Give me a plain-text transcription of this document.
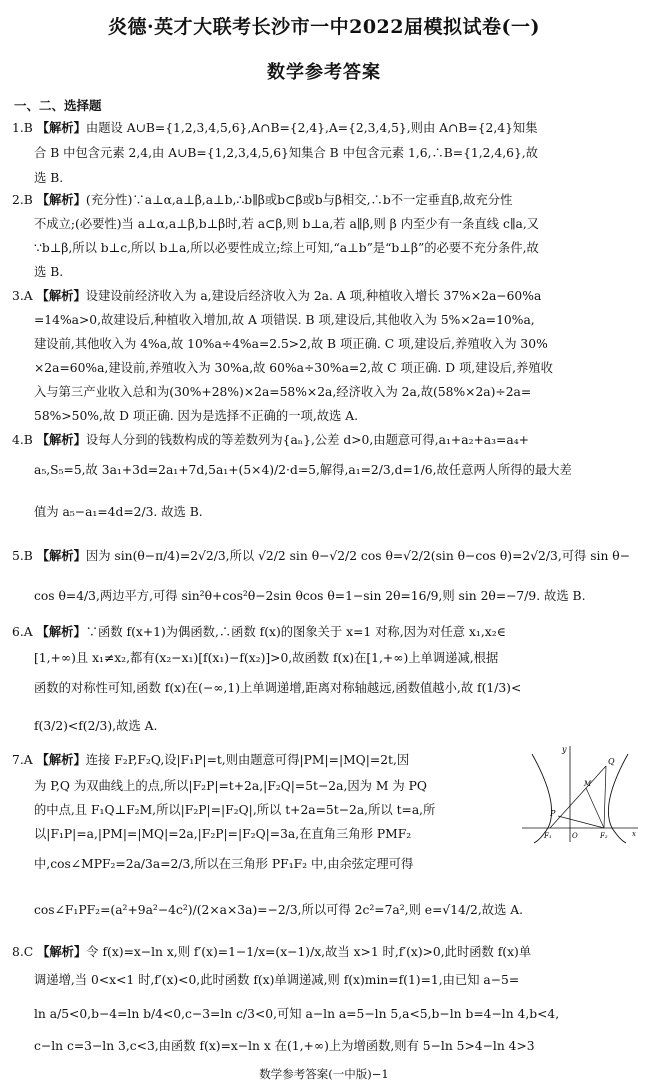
炎德·英才大联考长沙市一中2022届模拟试卷(一)
数学参考答案
一、二、选择题
1.B 【解析】由题设 A∪B={1,2,3,4,5,6},A∩B={2,4},A={2,3,4,5},则由 A∩B={2,4}知集
合 B 中包含元素 2,4,由 A∪B={1,2,3,4,5,6}知集合 B 中包含元素 1,6,∴B={1,2,4,6},故
选 B.
2.B 【解析】(充分性)∵a⊥α,a⊥β,a⊥b,∴b∥β或b⊂β或b与β相交,∴b不一定垂直β,故充分性
不成立;(必要性)当 a⊥α,a⊥β,b⊥β时,若 a⊂β,则 b⊥a,若 a∥β,则 β 内至少有一条直线 c∥a,又
∵b⊥β,所以 b⊥c,所以 b⊥a,所以必要性成立;综上可知,“a⊥b”是“b⊥β”的必要不充分条件,故
选 B.
3.A 【解析】设建设前经济收入为 a,建设后经济收入为 2a. A 项,种植收入增长 37%×2a−60%a
=14%a>0,故建设后,种植收入增加,故 A 项错误. B 项,建设后,其他收入为 5%×2a=10%a,
建设前,其他收入为 4%a,故 10%a÷4%a=2.5>2,故 B 项正确. C 项,建设后,养殖收入为 30%
×2a=60%a,建设前,养殖收入为 30%a,故 60%a÷30%a=2,故 C 项正确. D 项,建设后,养殖收
入与第三产业收入总和为(30%+28%)×2a=58%×2a,经济收入为 2a,故(58%×2a)÷2a=
58%>50%,故 D 项正确. 因为是选择不正确的一项,故选 A.
4.B 【解析】设每人分到的钱数构成的等差数列为{aₙ},公差 d>0,由题意可得,a₁+a₂+a₃=a₄+
a₅,S₅=5,故 3a₁+3d=2a₁+7d,5a₁+(5×4)/2·d=5,解得,a₁=2/3,d=1/6,故任意两人所得的最大差
值为 a₅−a₁=4d=2/3. 故选 B.
5.B 【解析】因为 sin(θ−π/4)=2√2/3,所以 √2/2 sin θ−√2/2 cos θ=√2/2(sin θ−cos θ)=2√2/3,可得 sin θ−
cos θ=4/3,两边平方,可得 sin²θ+cos²θ−2sin θcos θ=1−sin 2θ=16/9,则 sin 2θ=−7/9. 故选 B.
6.A 【解析】∵函数 f(x+1)为偶函数,∴函数 f(x)的图象关于 x=1 对称,因为对任意 x₁,x₂∈
[1,+∞)且 x₁≠x₂,都有(x₂−x₁)[f(x₁)−f(x₂)]>0,故函数 f(x)在[1,+∞)上单调递减,根据
函数的对称性可知,函数 f(x)在(−∞,1)上单调递增,距离对称轴越远,函数值越小,故 f(1/3)<
f(3/2)<f(2/3),故选 A.
7.A 【解析】连接 F₂P,F₂Q,设|F₁P|=t,则由题意可得|PM|=|MQ|=2t,因
为 P,Q 为双曲线上的点,所以|F₂P|=t+2a,|F₂Q|=5t−2a,因为 M 为 PQ
的中点,且 F₁Q⊥F₂M,所以|F₂P|=|F₂Q|,所以 t+2a=5t−2a,所以 t=a,所
以|F₁P|=a,|PM|=|MQ|=2a,|F₂P|=|F₂Q|=3a,在直角三角形 PMF₂
中,cos∠MPF₂=2a/3a=2/3,所以在三角形 PF₁F₂ 中,由余弦定理可得
cos∠F₁PF₂=(a²+9a²−4c²)/(2×a×3a)=−2/3,所以可得 2c²=7a²,则 e=√14/2,故选 A.
y
Q
M
P
F₁	O	F₂	x
8.C 【解析】令 f(x)=x−ln x,则 f′(x)=1−1/x=(x−1)/x,故当 x>1 时,f′(x)>0,此时函数 f(x)单
调递增,当 0<x<1 时,f′(x)<0,此时函数 f(x)单调递减,则 f(x)min=f(1)=1,由已知 a−5=
ln a/5<0,b−4=ln b/4<0,c−3=ln c/3<0,可知 a−ln a=5−ln 5,a<5,b−ln b=4−ln 4,b<4,
c−ln c=3−ln 3,c<3,由函数 f(x)=x−ln x 在(1,+∞)上为增函数,则有 5−ln 5>4−ln 4>3
数学参考答案(一中版)−1
